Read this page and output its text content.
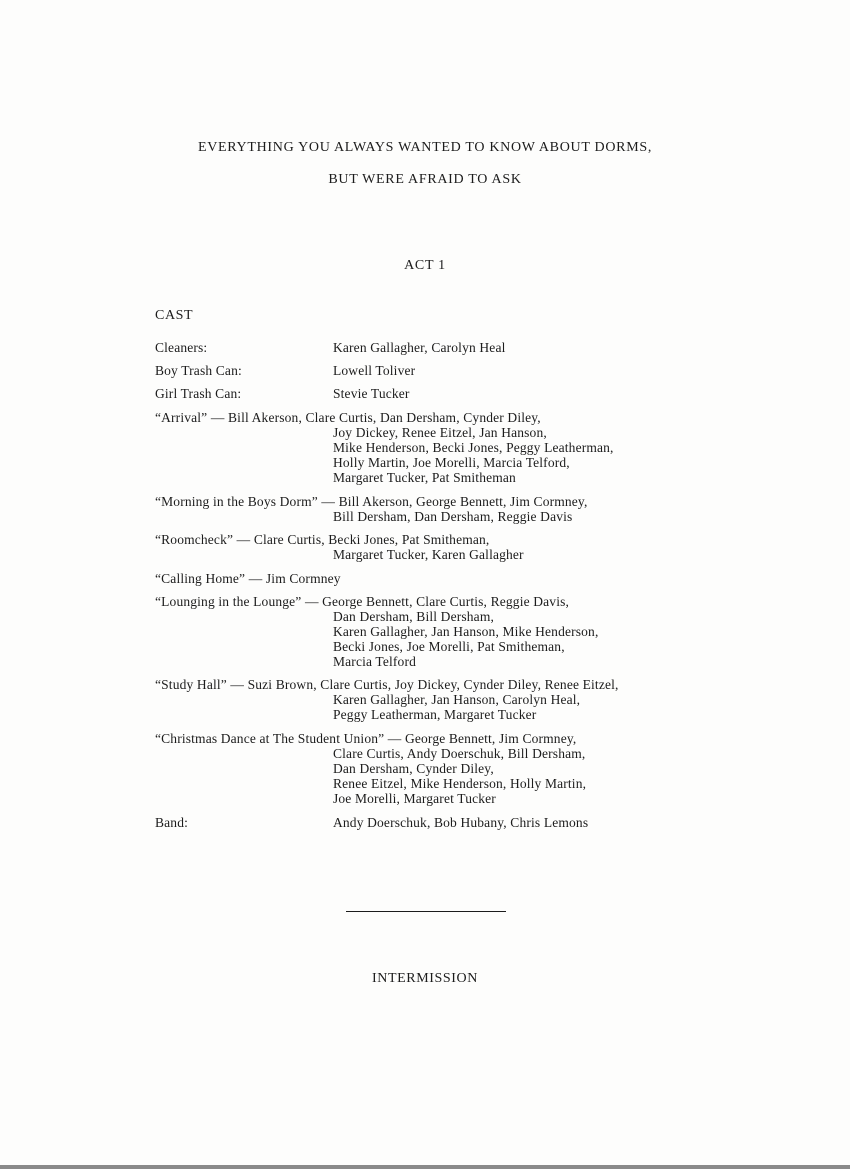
EVERYTHING YOU ALWAYS WANTED TO KNOW ABOUT DORMS,
BUT WERE AFRAID TO ASK
ACT 1
CAST
Cleaners:	Karen Gallagher, Carolyn Heal
Boy Trash Can:	Lowell Toliver
Girl Trash Can:	Stevie Tucker
“Arrival” — Bill Akerson, Clare Curtis, Dan Dersham, Cynder Diley,
Joy Dickey, Renee Eitzel, Jan Hanson,
Mike Henderson, Becki Jones, Peggy Leatherman,
Holly Martin, Joe Morelli, Marcia Telford,
Margaret Tucker, Pat Smitheman
“Morning in the Boys Dorm” — Bill Akerson, George Bennett, Jim Cormney,
Bill Dersham, Dan Dersham, Reggie Davis
“Roomcheck” — Clare Curtis, Becki Jones, Pat Smitheman,
Margaret Tucker, Karen Gallagher
“Calling Home” — Jim Cormney
“Lounging in the Lounge” — George Bennett, Clare Curtis, Reggie Davis,
Dan Dersham, Bill Dersham,
Karen Gallagher, Jan Hanson, Mike Henderson,
Becki Jones, Joe Morelli, Pat Smitheman,
Marcia Telford
“Study Hall” — Suzi Brown, Clare Curtis, Joy Dickey, Cynder Diley, Renee Eitzel,
Karen Gallagher, Jan Hanson, Carolyn Heal,
Peggy Leatherman, Margaret Tucker
“Christmas Dance at The Student Union” — George Bennett, Jim Cormney,
Clare Curtis, Andy Doerschuk, Bill Dersham,
Dan Dersham, Cynder Diley,
Renee Eitzel, Mike Henderson, Holly Martin,
Joe Morelli, Margaret Tucker
Band:	Andy Doerschuk, Bob Hubany, Chris Lemons
INTERMISSION
